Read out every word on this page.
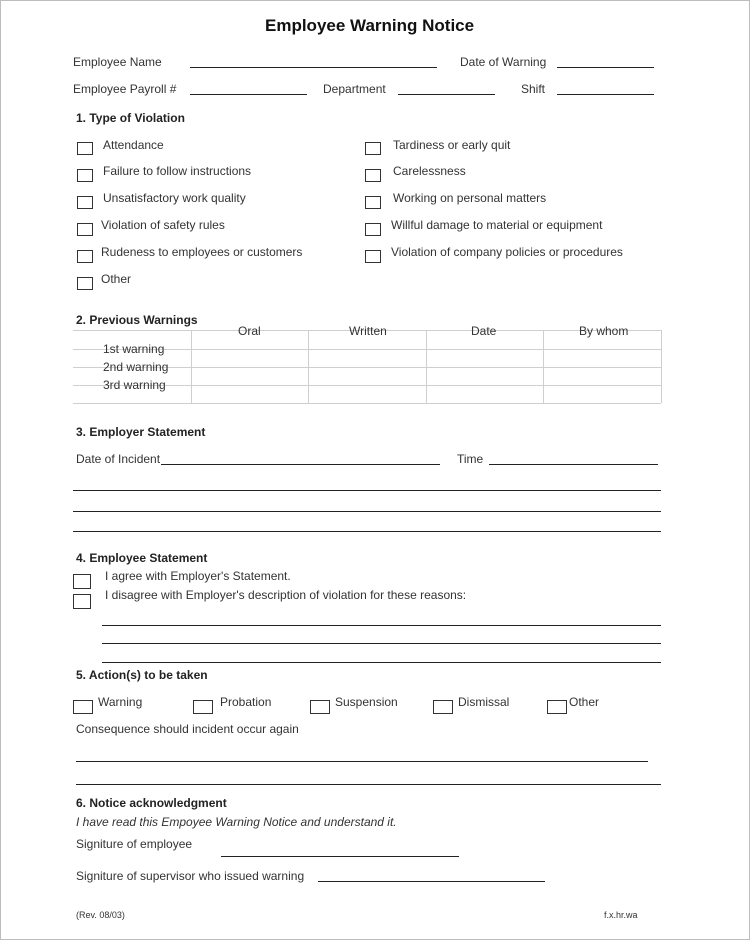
Employee Warning Notice
Employee Name	Date of Warning
Employee Payroll #	Department	Shift
1. Type of Violation
Attendance
Failure to follow instructions
Unsatisfactory work quality
Violation of safety rules
Rudeness to employees or customers
Other
Tardiness or early quit
Carelessness
Working on personal matters
Willful damage to material or equipment
Violation of company policies or procedures
2. Previous Warnings
Oral	Written	Date	By whom
1st warning
2nd warning
3rd warning
3. Employer Statement
Date of Incident	Time
4. Employee Statement
I agree with Employer's Statement.
I disagree with Employer's description of violation for these reasons:
5. Action(s) to be taken
Warning	Probation	Suspension	Dismissal	Other
Consequence should incident occur again
6. Notice acknowledgment
I have read this Empoyee Warning Notice and understand it.
Signiture of employee
Signiture of supervisor who issued warning
(Rev. 08/03)	f.x.hr.wa
